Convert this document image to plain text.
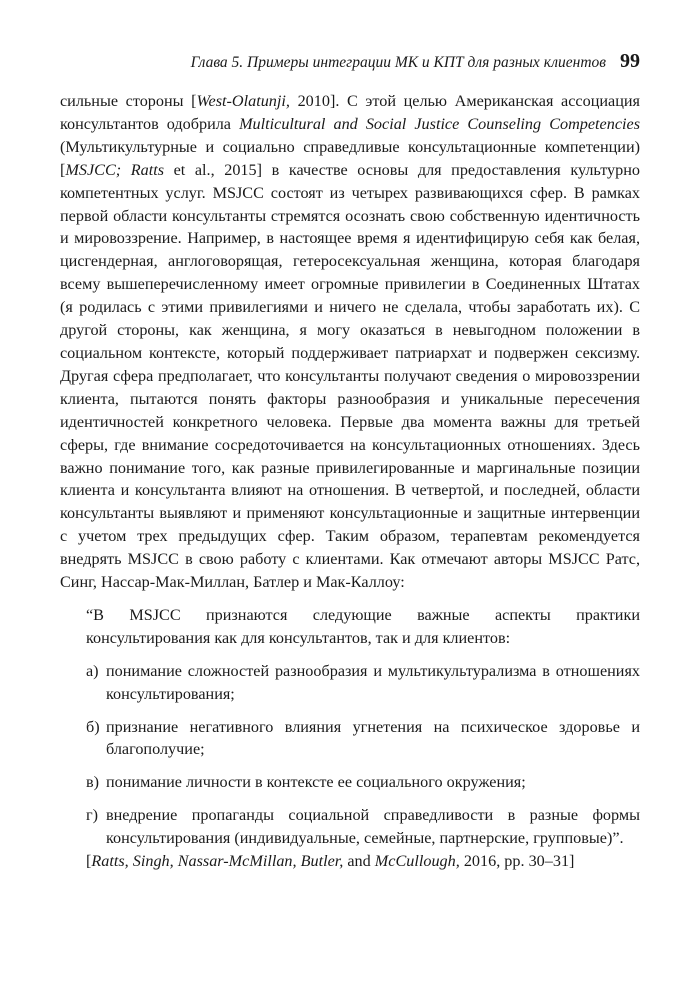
Глава 5. Примеры интеграции МК и КПТ для разных клиентов 99

сильные стороны [West-Olatunji, 2010]. С этой целью Американская ассоциация консультантов одобрила Multicultural and Social Justice Counseling Competencies (Мультикультурные и социально справедливые консультационные компетенции) [MSJCC; Ratts et al., 2015] в качестве основы для предоставления культурно компетентных услуг. MSJCC состоят из четырех развивающихся сфер. В рамках первой области консультанты стремятся осознать свою собственную идентичность и мировоззрение. Например, в настоящее время я идентифицирую себя как белая, цисгендерная, англоговорящая, гетеросексуальная женщина, которая благодаря всему вышеперечисленному имеет огромные привилегии в Соединенных Штатах (я родилась с этими привилегиями и ничего не сделала, чтобы заработать их). С другой стороны, как женщина, я могу оказаться в невыгодном положении в социальном контексте, который поддерживает патриархат и подвержен сексизму. Другая сфера предполагает, что консультанты получают сведения о мировоззрении клиента, пытаются понять факторы разнообразия и уникальные пересечения идентичностей конкретного человека. Первые два момента важны для третьей сферы, где внимание сосредоточивается на консультационных отношениях. Здесь важно понимание того, как разные привилегированные и маргинальные позиции клиента и консультанта влияют на отношения. В четвертой, и последней, области консультанты выявляют и применяют консультационные и защитные интервенции с учетом трех предыдущих сфер. Таким образом, терапевтам рекомендуется внедрять MSJCC в свою работу с клиентами. Как отмечают авторы MSJCC Ратс, Синг, Нассар-Мак-Миллан, Батлер и Мак-Каллоу:

“В MSJCC признаются следующие важные аспекты практики консультирования как для консультантов, так и для клиентов:

а) понимание сложностей разнообразия и мультикультурализма в отношениях консультирования;
б) признание негативного влияния угнетения на психическое здоровье и благополучие;
в) понимание личности в контексте ее социального окружения;
г) внедрение пропаганды социальной справедливости в разные формы консультирования (индивидуальные, семейные, партнерские, групповые)”.

[Ratts, Singh, Nassar-McMillan, Butler, and McCullough, 2016, pp. 30–31]
